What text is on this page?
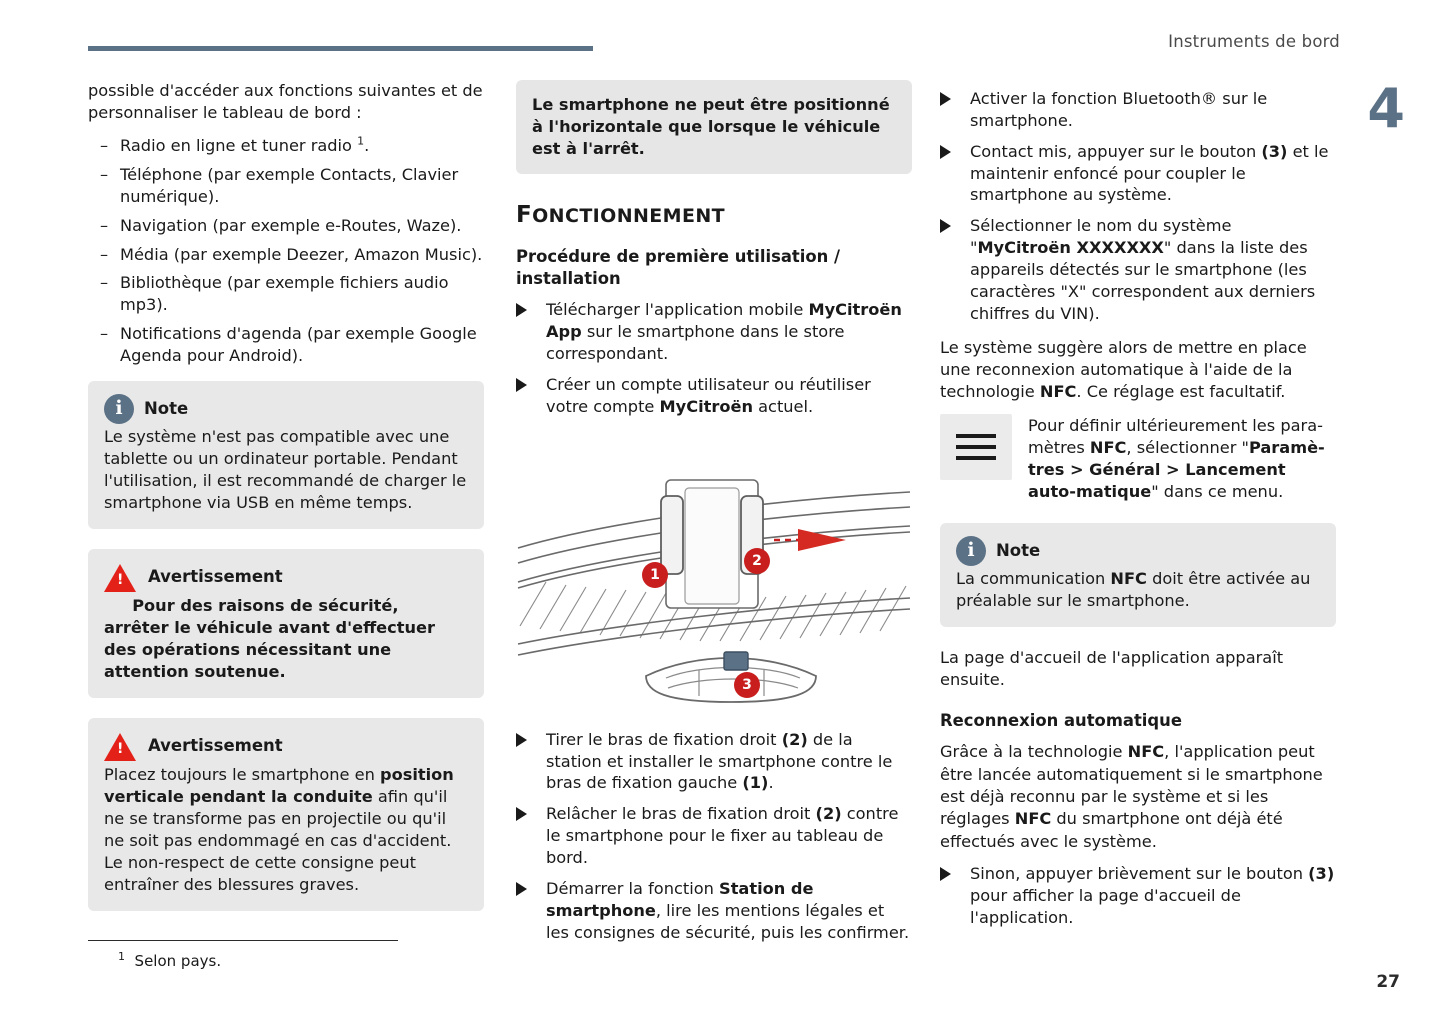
Instruments de bord
4
27

possible d'accéder aux fonctions suivantes et de personnaliser le tableau de bord :

– Radio en ligne et tuner radio $^1$.
– Téléphone (par exemple Contacts, Clavier numérique).
– Navigation (par exemple e-Routes, Waze).
– Média (par exemple Deezer, Amazon Music).
– Bibliothèque (par exemple fichiers audio mp3).
– Notifications d'agenda (par exemple Google Agenda pour Android).
i	Note
Le système n'est pas compatible avec une tablette ou un ordinateur portable. Pendant l'utilisation, il est recommandé de charger le smartphone via USB en même temps.
!
Avertissement
Pour des raisons de sécurité, arrêter le véhicule avant d'effectuer des opérations nécessitant une attention soutenue.
!
Avertissement
Placez toujours le smartphone en position verticale pendant la conduite afin qu'il ne se transforme pas en projectile ou qu'il ne soit pas endommagé en cas d'accident. Le non-respect de cette consigne peut entraîner des blessures graves.
$^1$ Selon pays.
Le smartphone ne peut être positionné à l'horizontale que lorsque le véhicule est à l'arrêt.
FONCTIONNEMENT
Procédure de première utilisation / installation
Télécharger l'application mobile MyCitroën App sur le smartphone dans le store correspondant.
Créer un compte utilisateur ou réutiliser votre compte MyCitroën actuel.
1
2
3
Tirer le bras de fixation droit (2) de la station et installer le smartphone contre le bras de fixation gauche (1).
Relâcher le bras de fixation droit (2) contre le smartphone pour le fixer au tableau de bord.
Démarrer la fonction Station de smartphone, lire les mentions légales et les consignes de sécurité, puis les confirmer.
Activer la fonction Bluetooth® sur le smartphone.
Contact mis, appuyer sur le bouton (3) et le maintenir enfoncé pour coupler le smartphone au système.
Sélectionner le nom du système "MyCitroën XXXXXXX" dans la liste des appareils détectés sur le smartphone (les caractères "X" correspondent aux derniers chiffres du VIN).

Le système suggère alors de mettre en place une reconnexion automatique à l'aide de la technologie NFC. Ce réglage est facultatif.

Pour définir ultérieurement les para-mètres NFC, sélectionner "Paramè-tres > Général > Lancement auto-matique" dans ce menu.
i	Note
La communication NFC doit être activée au préalable sur le smartphone.

La page d'accueil de l'application apparaît ensuite.

Reconnexion automatique

Grâce à la technologie NFC, l'application peut être lancée automatiquement si le smartphone est déjà reconnu par le système et si les réglages NFC du smartphone ont déjà été effectués avec le système.

Sinon, appuyer brièvement sur le bouton (3) pour afficher la page d'accueil de l'application.
